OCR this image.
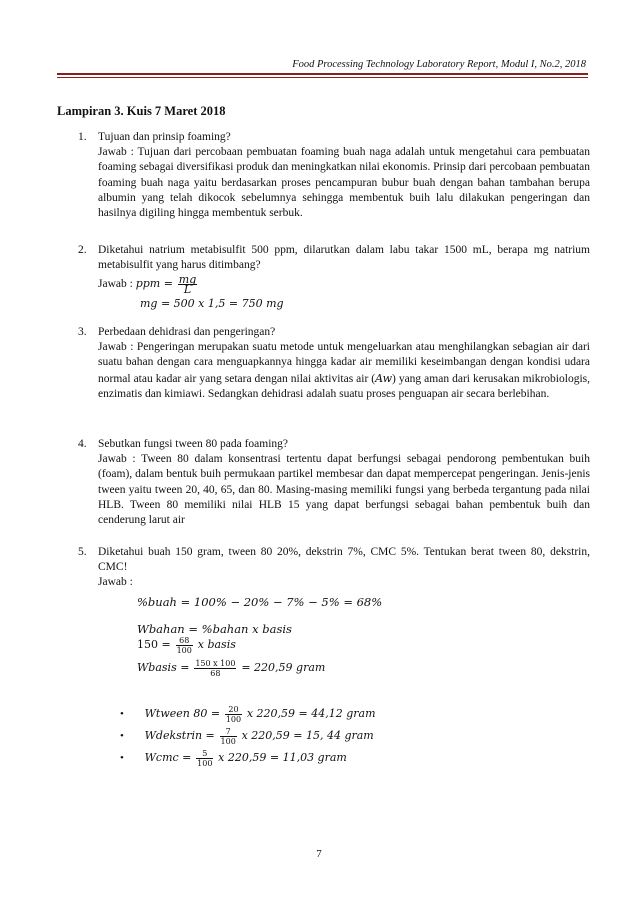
Food Processing Technology Laboratory Report, Modul I, No.2, 2018
Lampiran 3. Kuis 7 Maret 2018
1. Tujuan dan prinsip foaming?

Jawab : Tujuan dari percobaan pembuatan foaming buah naga adalah untuk mengetahui cara pembuatan foaming sebagai diversifikasi produk dan meningkatkan nilai ekonomis. Prinsip dari percobaan pembuatan foaming buah naga yaitu berdasarkan proses pencampuran bubur buah dengan bahan tambahan berupa albumin yang telah dikocok sebelumnya sehingga membentuk buih lalu dilakukan pengeringan dan hasilnya digiling hingga membentuk serbuk.

2. Diketahui natrium metabisulfit 500 ppm, dilarutkan dalam labu takar 1500 mL, berapa mg natrium metabisulfit yang harus ditimbang?

Jawab : ppm = $\frac{mg}{L}$

mg = 500 x 1,5 = 750 mg

3. Perbedaan dehidrasi dan pengeringan?

Jawab : Pengeringan merupakan suatu metode untuk mengeluarkan atau menghilangkan sebagian air dari suatu bahan dengan cara menguapkannya hingga kadar air memiliki keseimbangan dengan kondisi udara normal atau kadar air yang setara dengan nilai aktivitas air (Aw) yang aman dari kerusakan mikrobiologis, enzimatis dan kimiawi. Sedangkan dehidrasi adalah suatu proses penguapan air secara berlebihan.

4. Sebutkan fungsi tween 80 pada foaming?

Jawab : Tween 80 dalam konsentrasi tertentu dapat berfungsi sebagai pendorong pembentukan buih (foam), dalam bentuk buih permukaan partikel membesar dan dapat mempercepat pengeringan. Jenis-jenis tween yaitu tween 20, 40, 65, dan 80. Masing-masing memiliki fungsi yang berbeda tergantung pada nilai HLB. Tween 80 memiliki nilai HLB 15 yang dapat berfungsi sebagai bahan pembentuk buih dan cenderung larut air

5. Diketahui buah 150 gram, tween 80 20%, dekstrin 7%, CMC 5%. Tentukan berat tween 80, dekstrin, CMC!

Jawab :

%buah = 100% − 20% − 7% − 5% = 68%
Wbahan = %bahan x basis
$150 = \frac{68}{100}$ x basis
Wbasis = $\frac{150 x 100}{68} = 220,59$ gram
• Wtween $80 = \frac{20}{100}$ x 220,59 = 44,12 gram
• Wdekstrin = $\frac{7}{100}$ x 220,59 = 15, 44 gram
• Wcmc = $\frac{5}{100}$ x 220,59 = 11,03 gram
7
